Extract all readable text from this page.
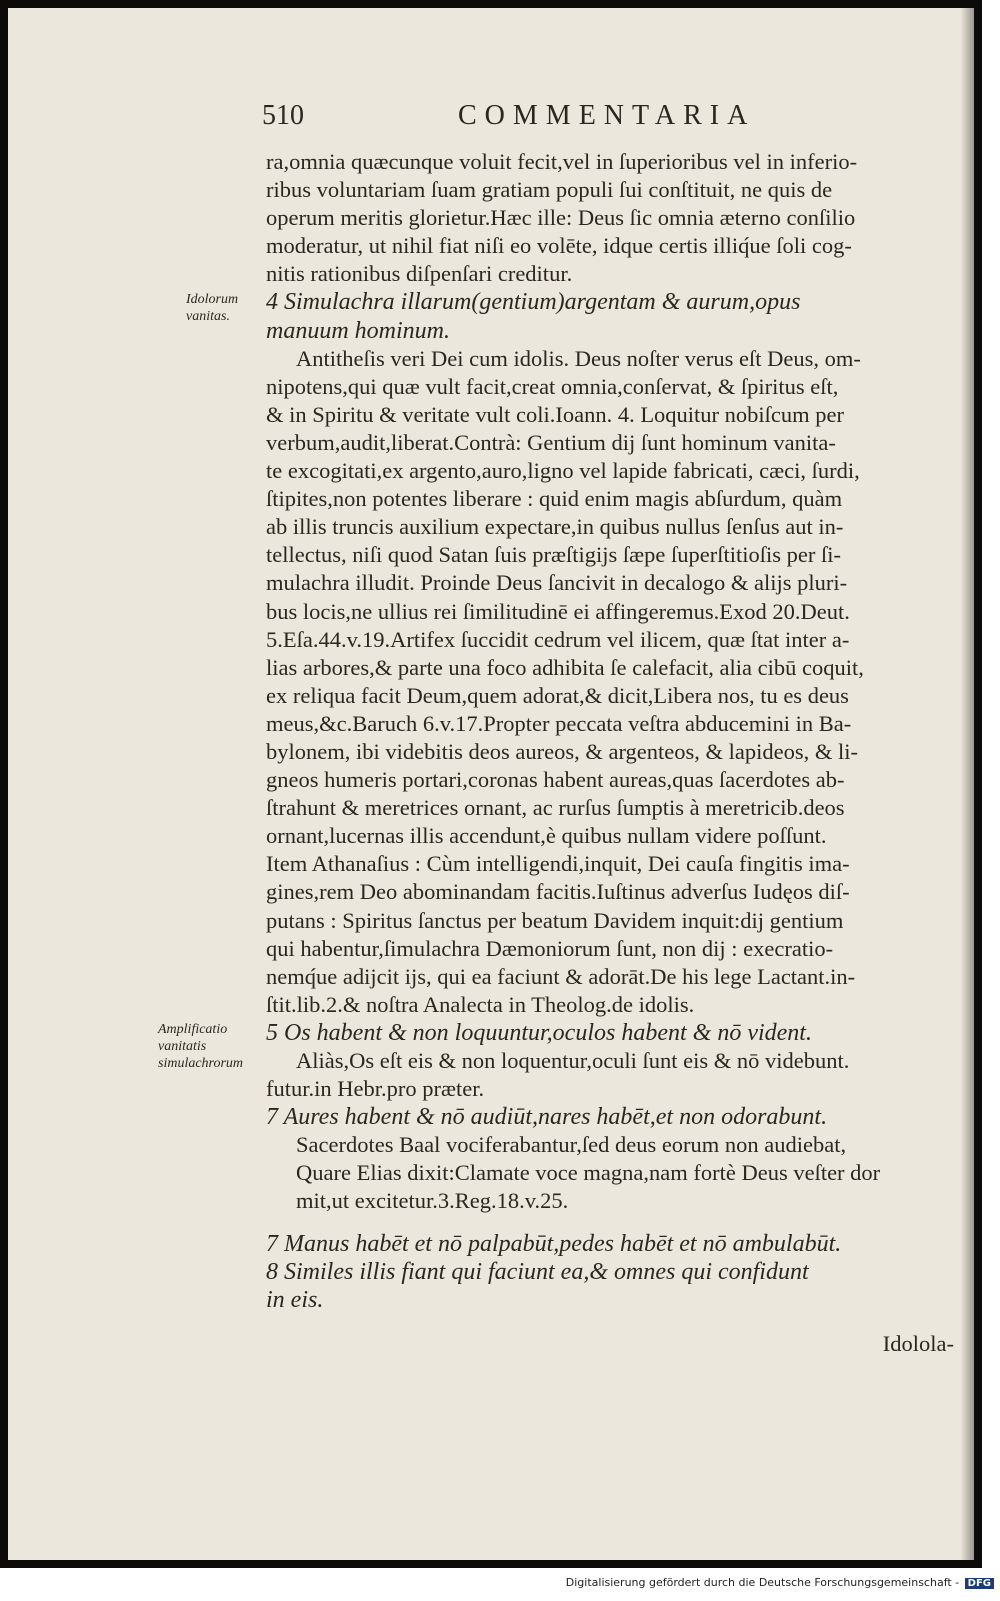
510	COMMENTARIA
Idolorum vanitas.
Amplificatio vanitatis simulachrorum
ra,omnia quæcunque voluit fecit,vel in ſuperioribus vel in inferio-
ribus voluntariam ſuam gratiam populi ſui conſtituit, ne quis de
operum meritis glorietur.Hæc ille: Deus ſic omnia æterno conſilio
moderatur, ut nihil fiat niſi eo volēte, idque certis illiq́ue ſoli cog-
nitis rationibus diſpenſari creditur.
4 Simulachra illarum(gentium)argentam & aurum,opus
manuum hominum.
Antitheſis veri Dei cum idolis. Deus noſter verus eſt Deus, om-
nipotens,qui quæ vult facit,creat omnia,conſervat, & ſpiritus eſt,
& in Spiritu & veritate vult coli.Ioann. 4. Loquitur nobiſcum per
verbum,audit,liberat.Contrà: Gentium dij ſunt hominum vanita-
te excogitati,ex argento,auro,ligno vel lapide fabricati, cæci, ſurdi,
ſtipites,non potentes liberare : quid enim magis abſurdum, quàm
ab illis truncis auxilium expectare,in quibus nullus ſenſus aut in-
tellectus, niſi quod Satan ſuis præſtigijs ſæpe ſuperſtitioſis per ſi-
mulachra illudit. Proinde Deus ſancivit in decalogo & alijs pluri-
bus locis,ne ullius rei ſimilitudinē ei affingeremus.Exod 20.Deut.
5.Eſa.44.v.19.Artifex ſuccidit cedrum vel ilicem, quæ ſtat inter a-
lias arbores,& parte una foco adhibita ſe calefacit, alia cibū coquit,
ex reliqua facit Deum,quem adorat,& dicit,Libera nos, tu es deus
meus,&c.Baruch 6.v.17.Propter peccata veſtra abducemini in Ba-
bylonem, ibi videbitis deos aureos, & argenteos, & lapideos, & li-
gneos humeris portari,coronas habent aureas,quas ſacerdotes ab-
ſtrahunt & meretrices ornant, ac rurſus ſumptis à meretricib.deos
ornant,lucernas illis accendunt,è quibus nullam videre poſſunt.
Item Athanaſius : Cùm intelligendi,inquit, Dei cauſa fingitis ima-
gines,rem Deo abominandam facitis.Iuſtinus adverſus Iudęos diſ-
putans : Spiritus ſanctus per beatum Davidem inquit:dij gentium
qui habentur,ſimulachra Dæmoniorum ſunt, non dij : execratio-
nemq́ue adijcit ijs, qui ea faciunt & adorāt.De his lege Lactant.in-
ſtit.lib.2.& noſtra Analecta in Theolog.de idolis.
5 Os habent & non loquuntur,oculos habent & nō vident.
Aliàs,Os eſt eis & non loquentur,oculi ſunt eis & nō videbunt.
futur.in Hebr.pro præter.
7 Aures habent & nō audiūt,nares habēt,et non odorabunt.
Sacerdotes Baal vociferabantur,ſed deus eorum non audiebat,
Quare Elias dixit:Clamate voce magna,nam fortè Deus veſter dor
mit,ut excitetur.3.Reg.18.v.25.
7 Manus habēt et nō palpabūt,pedes habēt et nō ambulabūt.
8 Similes illis fiant qui faciunt ea,& omnes qui confidunt
in eis.
Idolola-
Digitalisierung gefördert durch die Deutsche Forschungsgemeinschaft - DFG
